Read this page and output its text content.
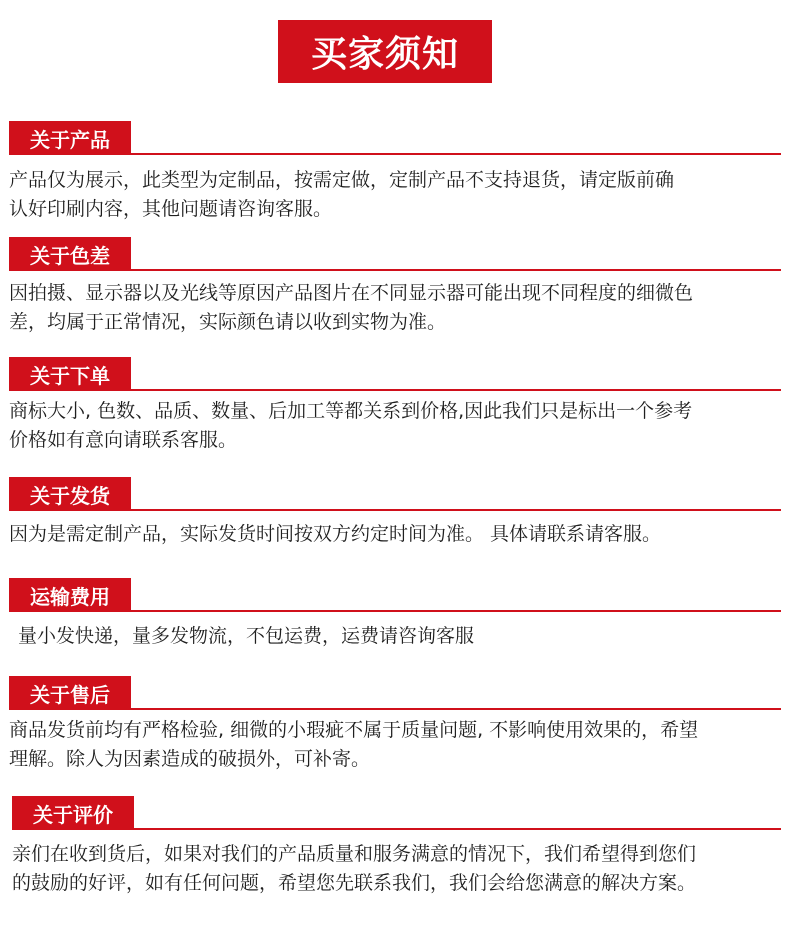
买家须知
关于产品
产品仅为展示，此类型为定制品，按需定做，定制产品不支持退货，请定版前确
认好印刷内容，其他问题请咨询客服。
关于色差
因拍摄、显示器以及光线等原因产品图片在不同显示器可能出现不同程度的细微色
差，均属于正常情况，实际颜色请以收到实物为准。
关于下单
商标大小, 色数、品质、数量、后加工等都关系到价格,因此我们只是标出一个参考
价格如有意向请联系客服。
关于发货
因为是需定制产品，实际发货时间按双方约定时间为准。 具体请联系请客服。
运输费用
量小发快递，量多发物流，不包运费，运费请咨询客服
关于售后
商品发货前均有严格检验, 细微的小瑕疵不属于质量问题, 不影响使用效果的，希望
理解。除人为因素造成的破损外，可补寄。
关于评价
亲们在收到货后，如果对我们的产品质量和服务满意的情况下，我们希望得到您们
的鼓励的好评，如有任何问题，希望您先联系我们，我们会给您满意的解决方案。
